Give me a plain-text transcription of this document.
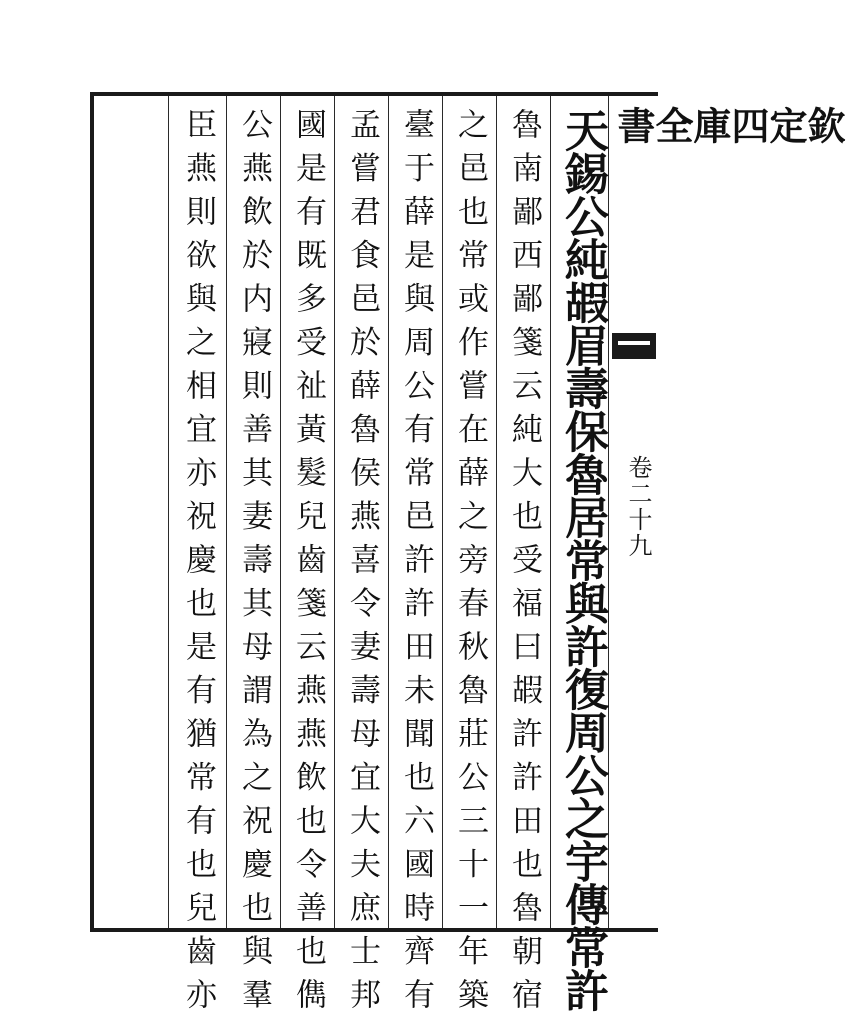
欽定四庫全書
卷二十九
天錫公純嘏眉壽保魯居常與許復周公之宇傳常許
魯南鄙西鄙箋云純大也受福曰嘏許許田也魯朝宿
之邑也常或作嘗在薛之旁春秋魯莊公三十一年築
臺于薛是與周公有常邑許許田未聞也六國時齊有
孟嘗君食邑於薛魯侯燕喜令妻壽母宜大夫庶士邦
國是有既多受祉黃髮兒齒箋云燕燕飲也令善也儁
公燕飲於内寢則善其妻壽其母謂為之祝慶也與羣
臣燕則欲與之相宜亦祝慶也是有猶常有也兒齒亦
